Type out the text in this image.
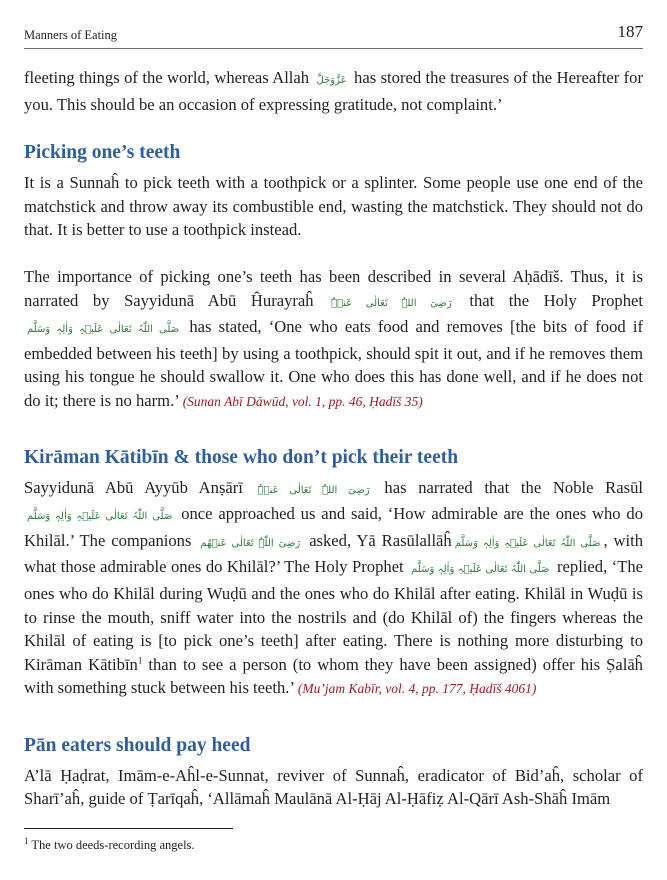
Manners of Eating	187

fleeting things of the world, whereas Allah عَزَّوَجَلَّ has stored the treasures of the Hereafter for you. This should be an occasion of expressing gratitude, not complaint.’

Picking one’s teeth

It is a Sunnaĥ to pick teeth with a toothpick or a splinter. Some people use one end of the matchstick and throw away its combustible end, wasting the matchstick. They should not do that. It is better to use a toothpick instead.

The importance of picking one’s teeth has been described in several Aḥādīš. Thus, it is narrated by Sayyidunā Abū Ĥurayraĥ رَضِیَ اللہُ تَعَالٰی عَنۡہُ that the Holy Prophet صَلَّی اللّٰہُ تَعَالٰی عَلَیۡہِ وَاٰلِہٖ وَسَلَّم has stated, ‘One who eats food and removes [the bits of food if embedded between his teeth] by using a toothpick, should spit it out, and if he removes them using his tongue he should swallow it. One who does this has done well, and if he does not do it; there is no harm.’ (Sunan Abī Dāwūd, vol. 1, pp. 46, Ḥadīš 35)

Kirāman Kātibīn & those who don’t pick their teeth

Sayyidunā Abū Ayyūb Anṣārī رَضِیَ اللہُ تَعَالٰی عَنۡہُ has narrated that the Noble Rasūl صَلَّی اللّٰہُ تَعَالٰی عَلَیۡہِ وَاٰلِہٖ وَسَلَّم once approached us and said, ‘How admirable are the ones who do Khilāl.’ The companions رَضِیَ اللّٰہُ تَعَالٰی عَنۡھُم asked, Yā Rasūlallāĥ صَلَّی اللّٰہُ تَعَالٰی عَلَیۡہِ وَاٰلِہٖ وَسَلَّم , with what those admirable ones do Khilāl?’ The Holy Prophet صَلَّی اللّٰہُ تَعَالٰی عَلَیۡہِ وَاٰلِہٖ وَسَلَّم replied, ‘The ones who do Khilāl during Wuḍū and the ones who do Khilāl after eating. Khilāl in Wuḍū is to rinse the mouth, sniff water into the nostrils and (do Khilāl of) the fingers whereas the Khilāl of eating is [to pick one’s teeth] after eating. There is nothing more disturbing to Kirāman Kātibīn$^1$ than to see a person (to whom they have been assigned) offer his Ṣalāĥ with something stuck between his teeth.’ (Mu’jam Kabīr, vol. 4, pp. 177, Ḥadīš 4061)

Pān eaters should pay heed

A’lā Ḥaḍrat, Imām-e-Aĥl-e-Sunnat, reviver of Sunnaĥ, eradicator of Bid’aĥ, scholar of Sharī’aĥ, guide of Ṭarīqaĥ, ‘Allāmaĥ Maulānā Al-Ḥāj Al-Ḥāfiẓ Al-Qārī Ash-Shāĥ Imām

$^1$ The two deeds-recording angels.
